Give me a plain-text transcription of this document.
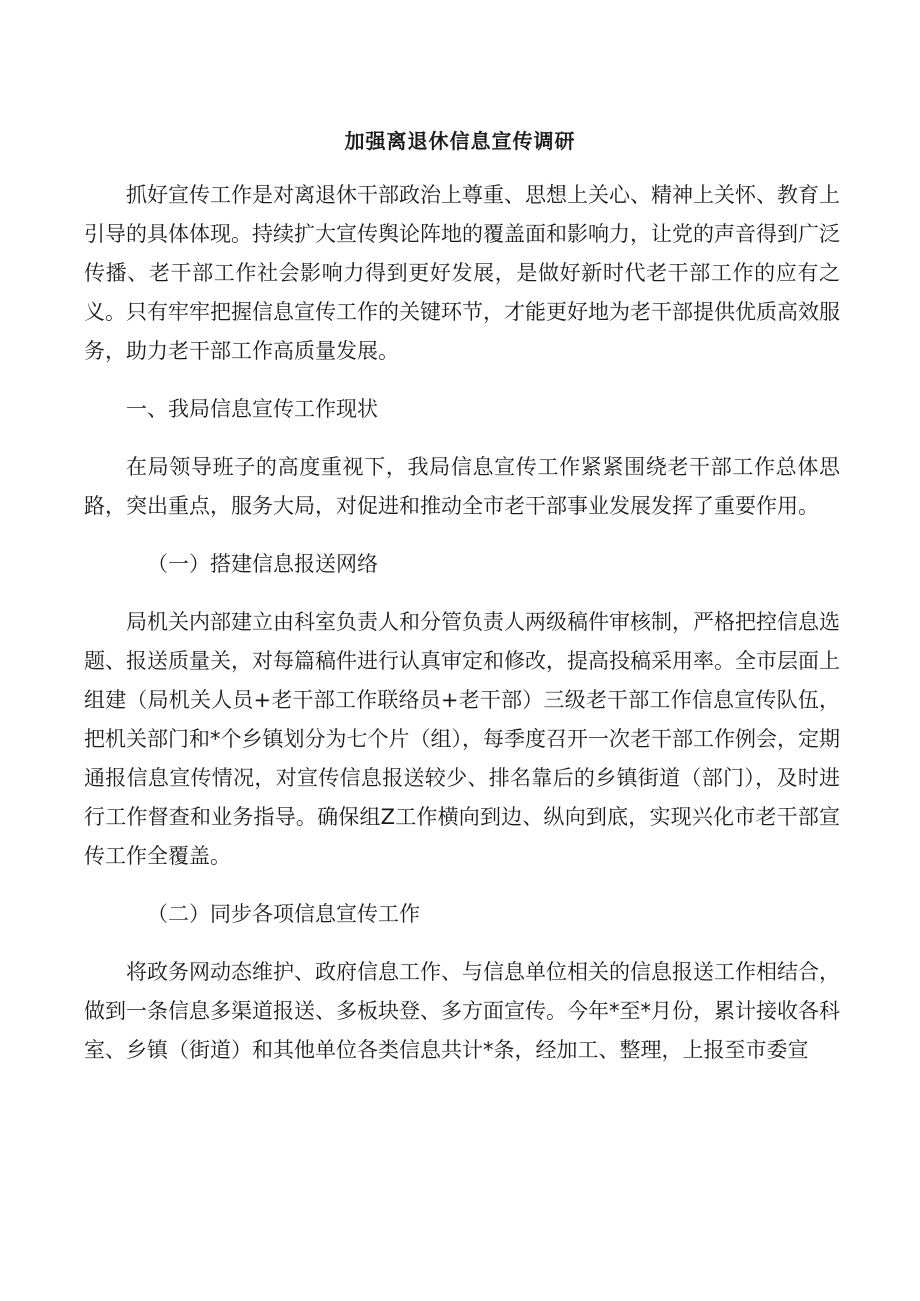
加强离退休信息宣传调研

抓好宣传工作是对离退休干部政治上尊重、思想上关心、精神上关怀、教育上引导的具体体现。持续扩大宣传舆论阵地的覆盖面和影响力，让党的声音得到广泛传播、老干部工作社会影响力得到更好发展，是做好新时代老干部工作的应有之义。只有牢牢把握信息宣传工作的关键环节，才能更好地为老干部提供优质高效服务，助力老干部工作高质量发展。

一、我局信息宣传工作现状

在局领导班子的高度重视下，我局信息宣传工作紧紧围绕老干部工作总体思路，突出重点，服务大局，对促进和推动全市老干部事业发展发挥了重要作用。

（一）搭建信息报送网络

局机关内部建立由科室负责人和分管负责人两级稿件审核制，严格把控信息选题、报送质量关，对每篇稿件进行认真审定和修改，提高投稿采用率。全市层面上组建（局机关人员+老干部工作联络员+老干部）三级老干部工作信息宣传队伍，把机关部门和*个乡镇划分为七个片（组），每季度召开一次老干部工作例会，定期通报信息宣传情况，对宣传信息报送较少、排名靠后的乡镇街道（部门），及时进行工作督查和业务指导。确保组Z工作横向到边、纵向到底，实现兴化市老干部宣传工作全覆盖。

（二）同步各项信息宣传工作

将政务网动态维护、政府信息工作、与信息单位相关的信息报送工作相结合，做到一条信息多渠道报送、多板块登、多方面宣传。今年*至*月份，累计接收各科室、乡镇（街道）和其他单位各类信息共计*条，经加工、整理，上报至市委宣
